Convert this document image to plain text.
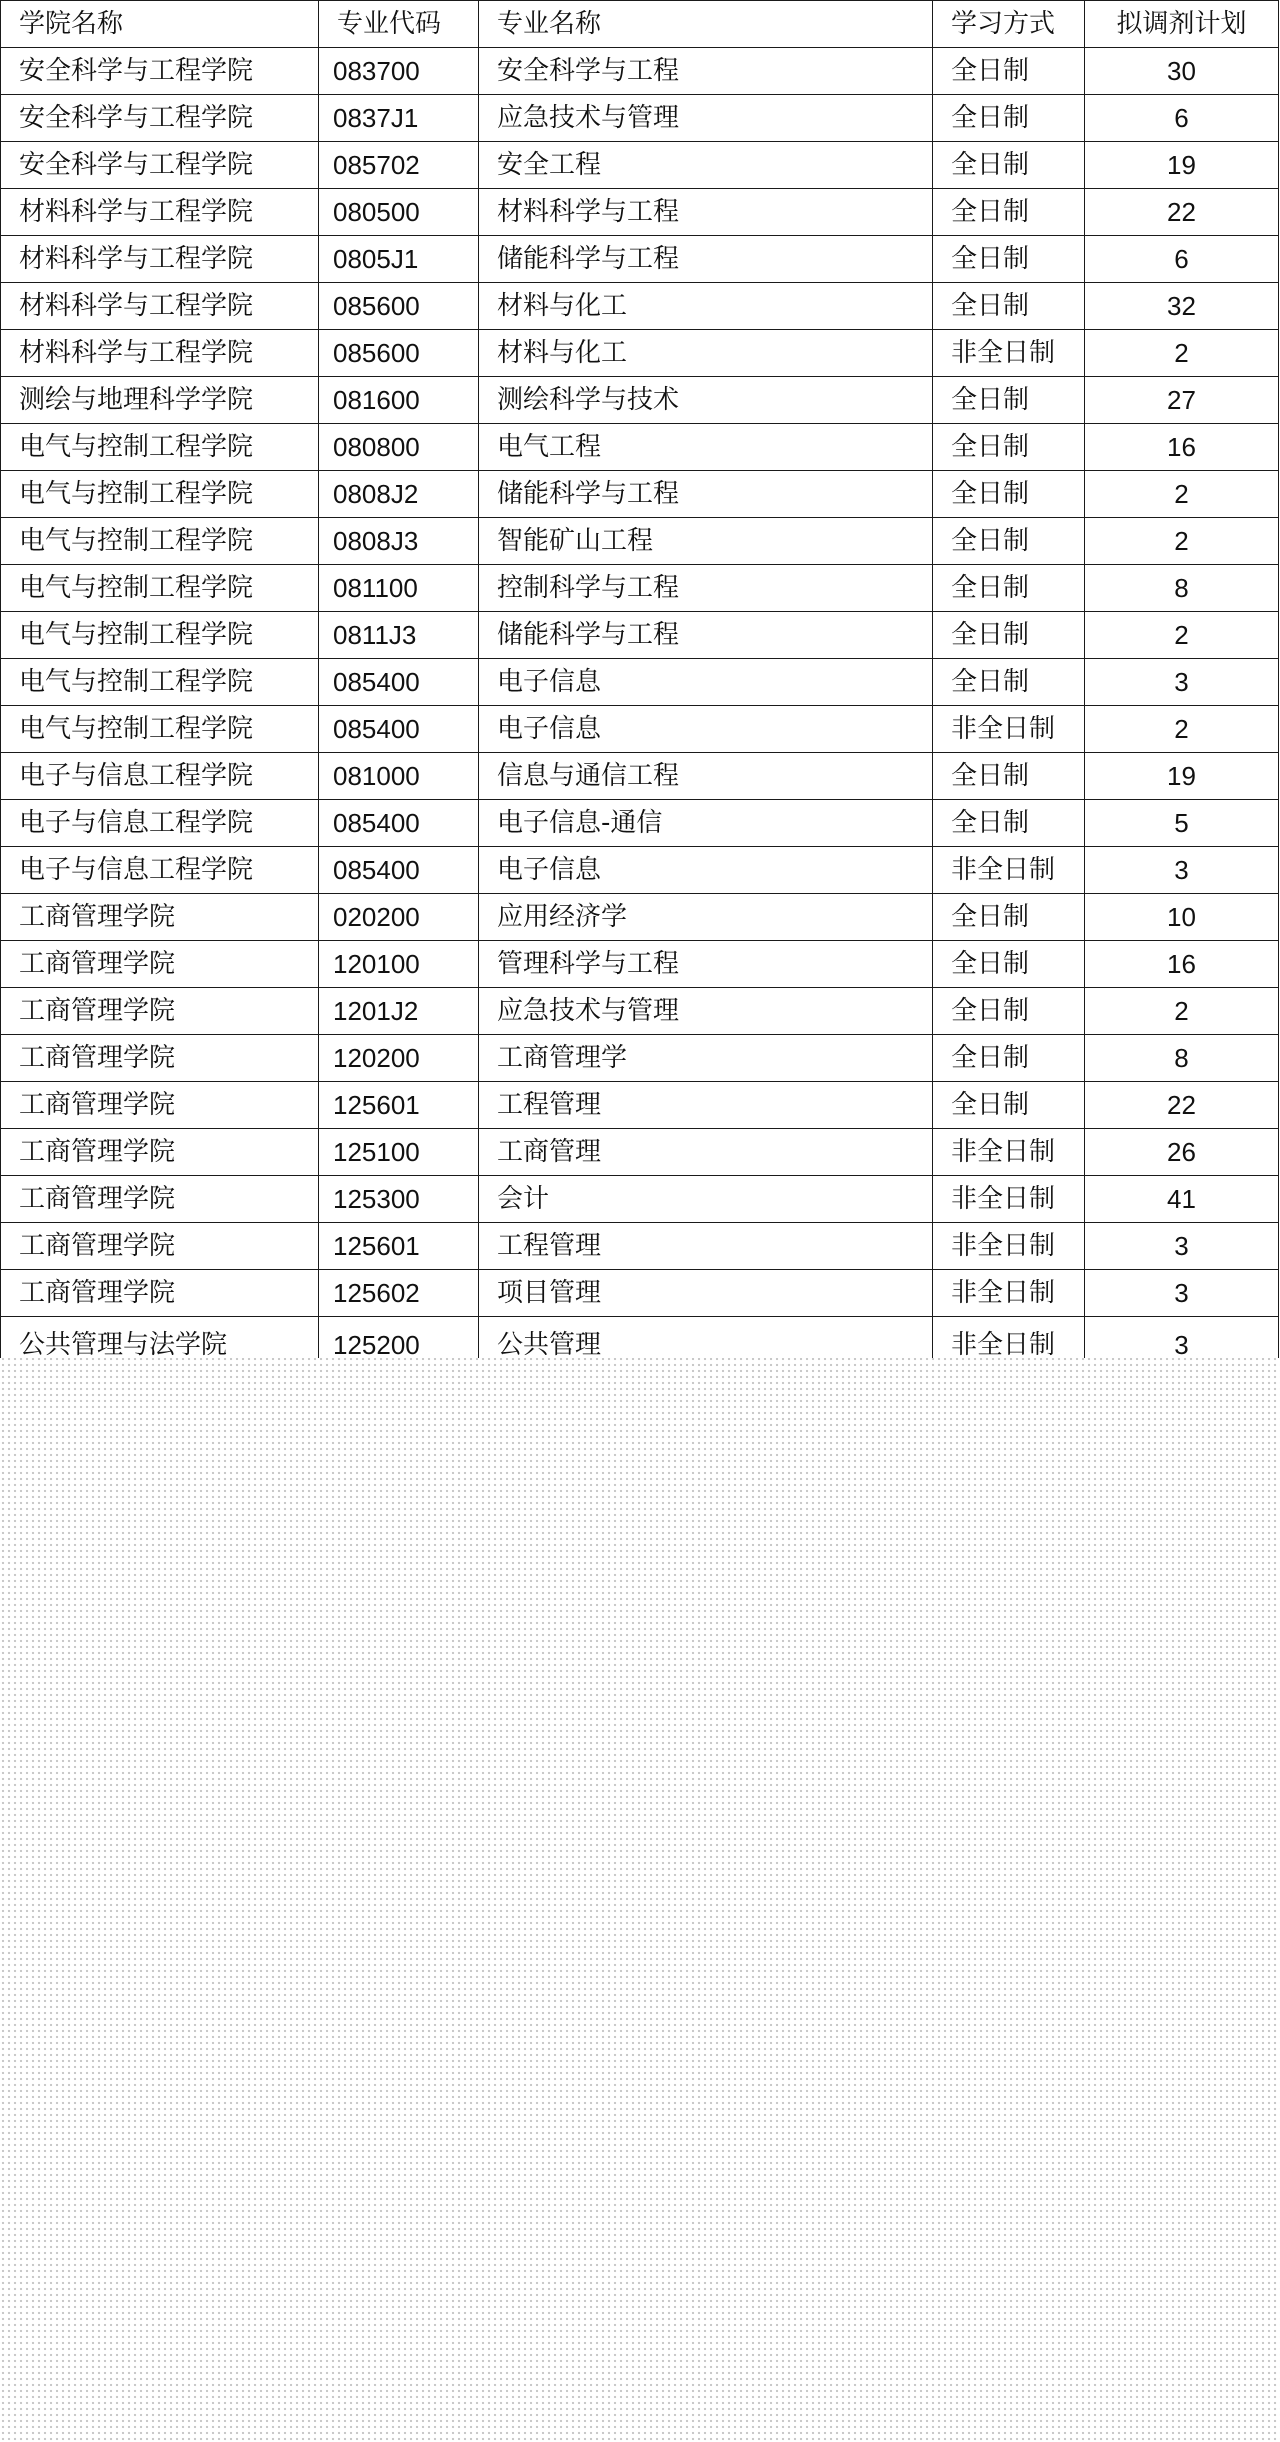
学院名称	专业代码	专业名称	学习方式	拟调剂计划
安全科学与工程学院	083700	安全科学与工程	全日制	30
安全科学与工程学院	0837J1	应急技术与管理	全日制	6
安全科学与工程学院	085702	安全工程	全日制	19
材料科学与工程学院	080500	材料科学与工程	全日制	22
材料科学与工程学院	0805J1	储能科学与工程	全日制	6
材料科学与工程学院	085600	材料与化工	全日制	32
材料科学与工程学院	085600	材料与化工	非全日制	2
测绘与地理科学学院	081600	测绘科学与技术	全日制	27
电气与控制工程学院	080800	电气工程	全日制	16
电气与控制工程学院	0808J2	储能科学与工程	全日制	2
电气与控制工程学院	0808J3	智能矿山工程	全日制	2
电气与控制工程学院	081100	控制科学与工程	全日制	8
电气与控制工程学院	0811J3	储能科学与工程	全日制	2
电气与控制工程学院	085400	电子信息	全日制	3
电气与控制工程学院	085400	电子信息	非全日制	2
电子与信息工程学院	081000	信息与通信工程	全日制	19
电子与信息工程学院	085400	电子信息-通信	全日制	5
电子与信息工程学院	085400	电子信息	非全日制	3
工商管理学院	020200	应用经济学	全日制	10
工商管理学院	120100	管理科学与工程	全日制	16
工商管理学院	1201J2	应急技术与管理	全日制	2
工商管理学院	120200	工商管理学	全日制	8
工商管理学院	125601	工程管理	全日制	22
工商管理学院	125100	工商管理	非全日制	26
工商管理学院	125300	会计	非全日制	41
工商管理学院	125601	工程管理	非全日制	3
工商管理学院	125602	项目管理	非全日制	3
公共管理与法学院	125200	公共管理	非全日制	3
